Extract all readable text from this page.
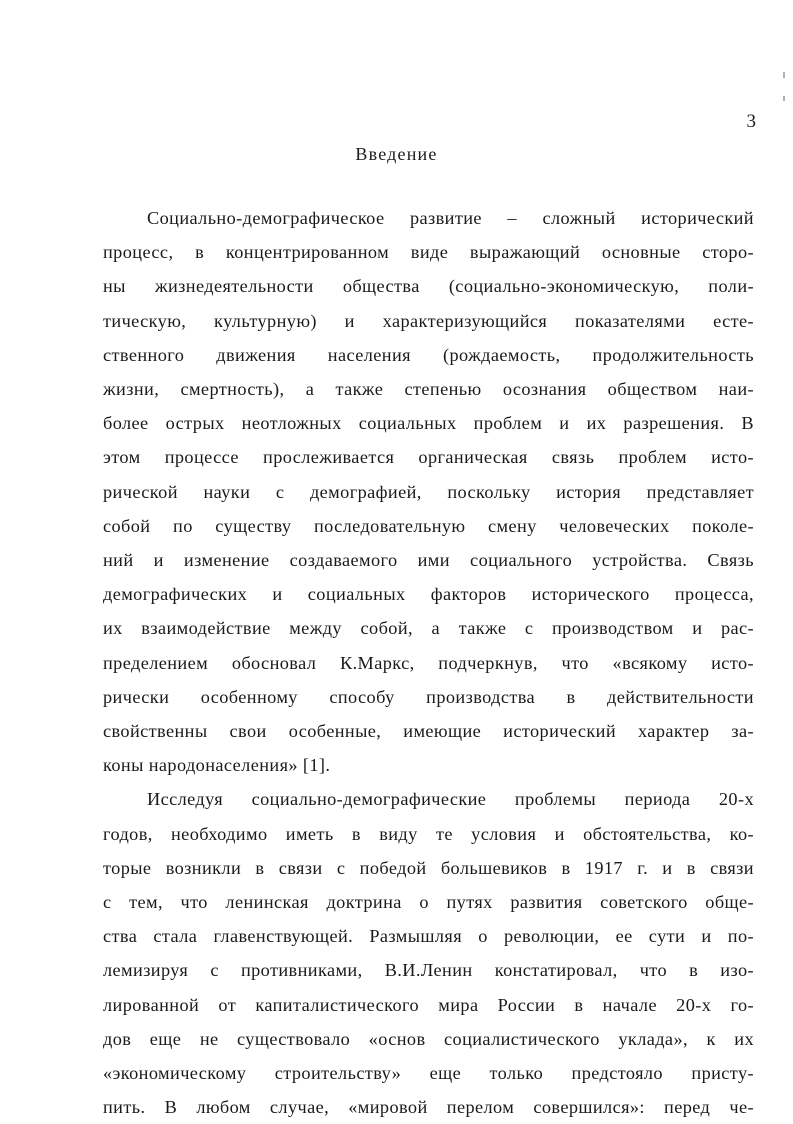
3
Введение
Социально-демографическое развитие – сложный исторический
процесс, в концентрированном виде выражающий основные сторо-
ны жизнедеятельности общества (социально-экономическую, поли-
тическую, культурную) и характеризующийся показателями есте-
ственного движения населения (рождаемость, продолжительность
жизни, смертность), а также степенью осознания обществом наи-
более острых неотложных социальных проблем и их разрешения. В
этом процессе прослеживается органическая связь проблем исто-
рической науки с демографией, поскольку история представляет
собой по существу последовательную смену человеческих поколе-
ний и изменение создаваемого ими социального устройства. Связь
демографических и социальных факторов исторического процесса,
их взаимодействие между собой, а также с производством и рас-
пределением обосновал К.Маркс, подчеркнув, что «всякому исто-
рически особенному способу производства в действительности
свойственны свои особенные, имеющие исторический характер за-
коны народонаселения» [1].
Исследуя социально-демографические проблемы периода 20-х
годов, необходимо иметь в виду те условия и обстоятельства, ко-
торые возникли в связи с победой большевиков в 1917 г. и в связи
с тем, что ленинская доктрина о путях развития советского обще-
ства стала главенствующей. Размышляя о революции, ее сути и по-
лемизируя с противниками, В.И.Ленин констатировал, что в изо-
лированной от капиталистического мира России в начале 20-х го-
дов еще не существовало «основ социалистического уклада», к их
«экономическому строительству» еще только предстояло присту-
пить. В любом случае, «мировой перелом совершился»: перед че-
